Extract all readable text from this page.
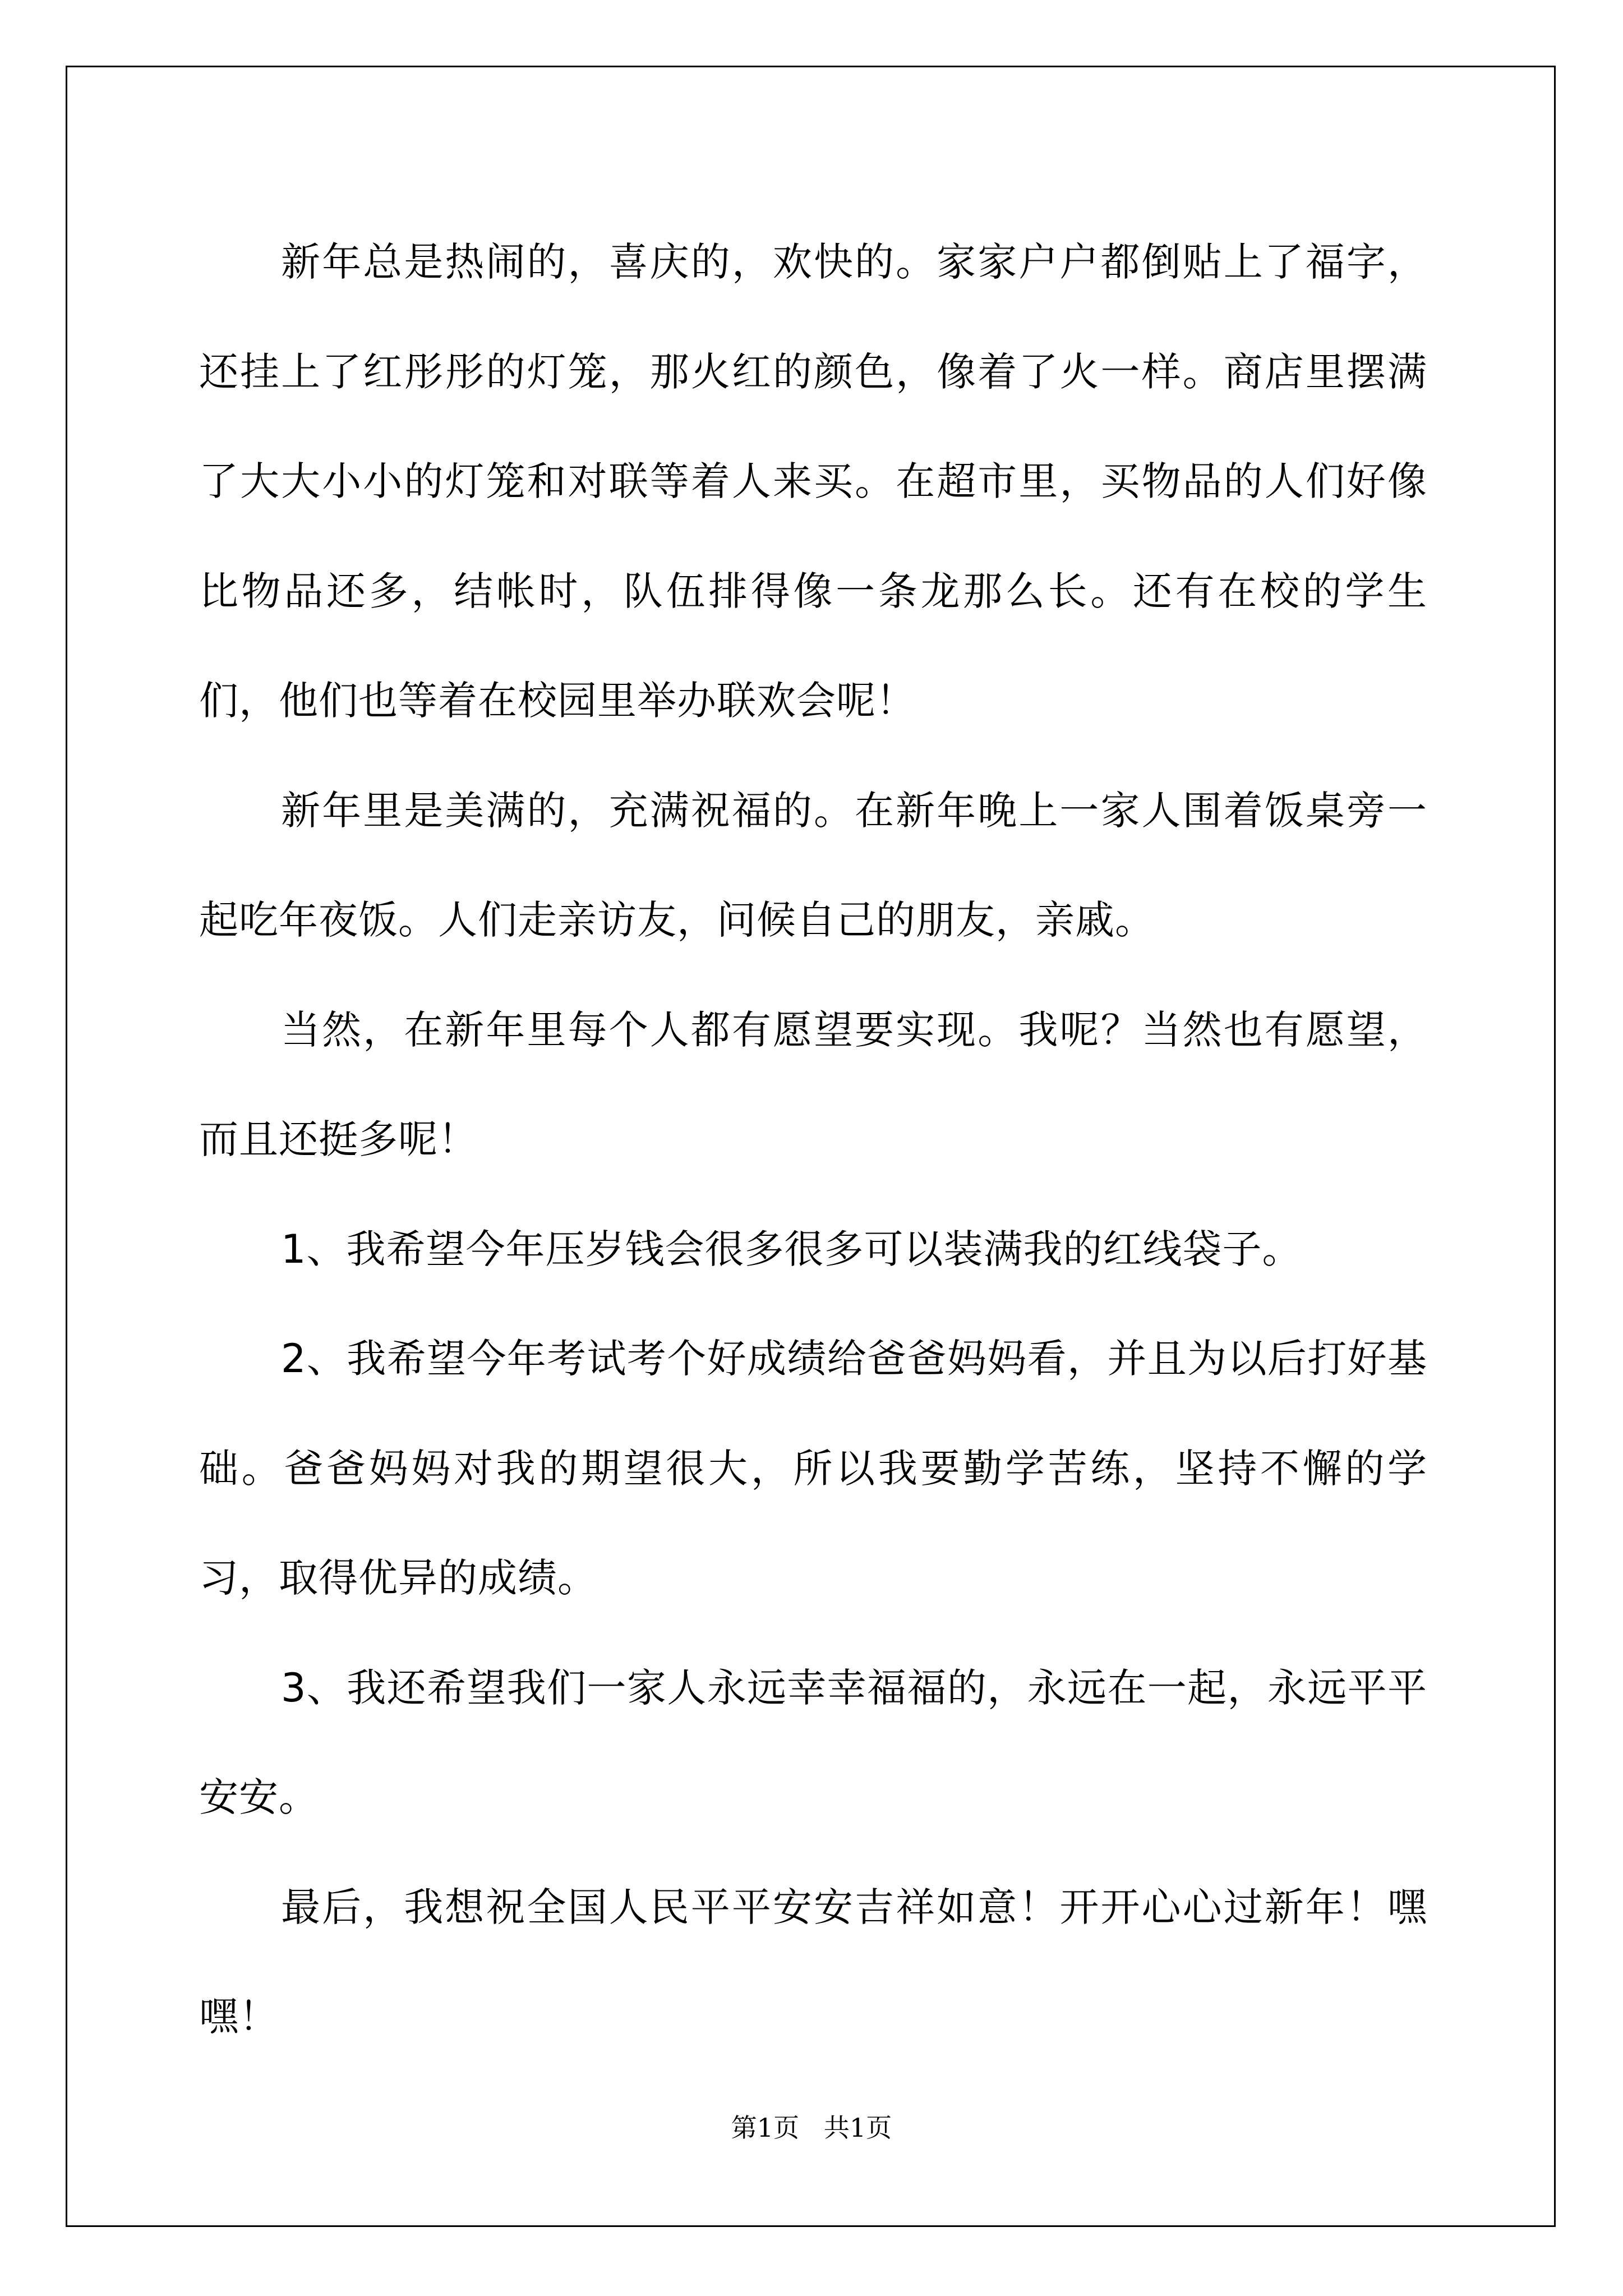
新年总是热闹的，喜庆的，欢快的。家家户户都倒贴上了福字，还挂上了红彤彤的灯笼，那火红的颜色，像着了火一样。商店里摆满了大大小小的灯笼和对联等着人来买。在超市里，买物品的人们好像比物品还多，结帐时，队伍排得像一条龙那么长。还有在校的学生们，他们也等着在校园里举办联欢会呢！

新年里是美满的，充满祝福的。在新年晚上一家人围着饭桌旁一起吃年夜饭。人们走亲访友，问候自己的朋友，亲戚。

当然，在新年里每个人都有愿望要实现。我呢？当然也有愿望，而且还挺多呢！

1、我希望今年压岁钱会很多很多可以装满我的红线袋子。

2、我希望今年考试考个好成绩给爸爸妈妈看，并且为以后打好基础。爸爸妈妈对我的期望很大，所以我要勤学苦练，坚持不懈的学习，取得优异的成绩。

3、我还希望我们一家人永远幸幸福福的，永远在一起，永远平平安安。

最后，我想祝全国人民平平安安吉祥如意！开开心心过新年！嘿嘿！

第1页   共1页
